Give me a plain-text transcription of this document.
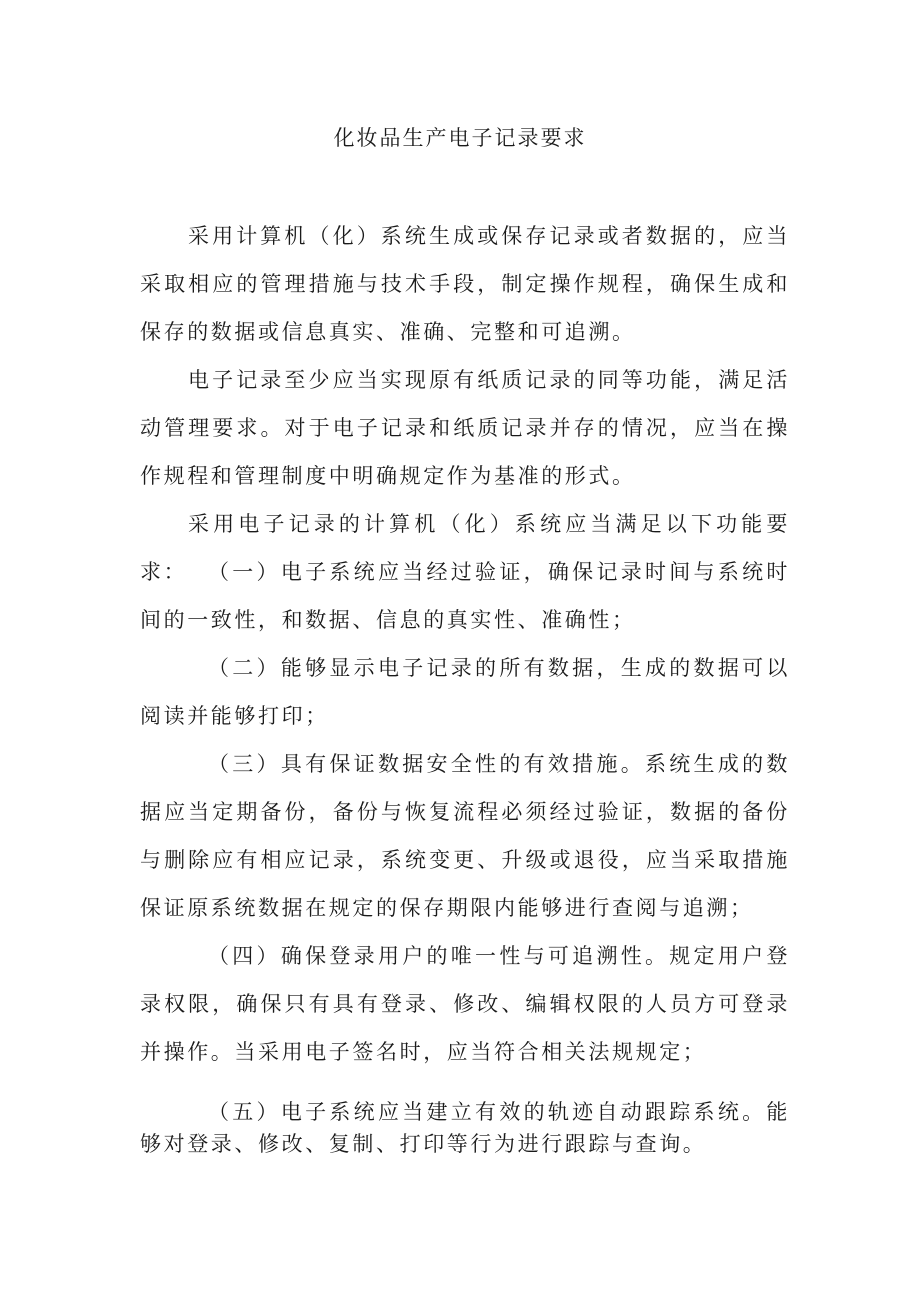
化妆品生产电子记录要求

采用计算机（化）系统生成或保存记录或者数据的，应当采取相应的管理措施与技术手段，制定操作规程，确保生成和保存的数据或信息真实、准确、完整和可追溯。

电子记录至少应当实现原有纸质记录的同等功能，满足活动管理要求。对于电子记录和纸质记录并存的情况，应当在操作规程和管理制度中明确规定作为基准的形式。

采用电子记录的计算机（化）系统应当满足以下功能要求： （一）电子系统应当经过验证，确保记录时间与系统时间的一致性，和数据、信息的真实性、准确性；

（二）能够显示电子记录的所有数据，生成的数据可以阅读并能够打印；

（三）具有保证数据安全性的有效措施。系统生成的数据应当定期备份，备份与恢复流程必须经过验证，数据的备份与删除应有相应记录，系统变更、升级或退役，应当采取措施保证原系统数据在规定的保存期限内能够进行查阅与追溯；

（四）确保登录用户的唯一性与可追溯性。规定用户登录权限，确保只有具有登录、修改、编辑权限的人员方可登录并操作。当采用电子签名时，应当符合相关法规规定；

（五）电子系统应当建立有效的轨迹自动跟踪系统。能够对登录、修改、复制、打印等行为进行跟踪与查询。
